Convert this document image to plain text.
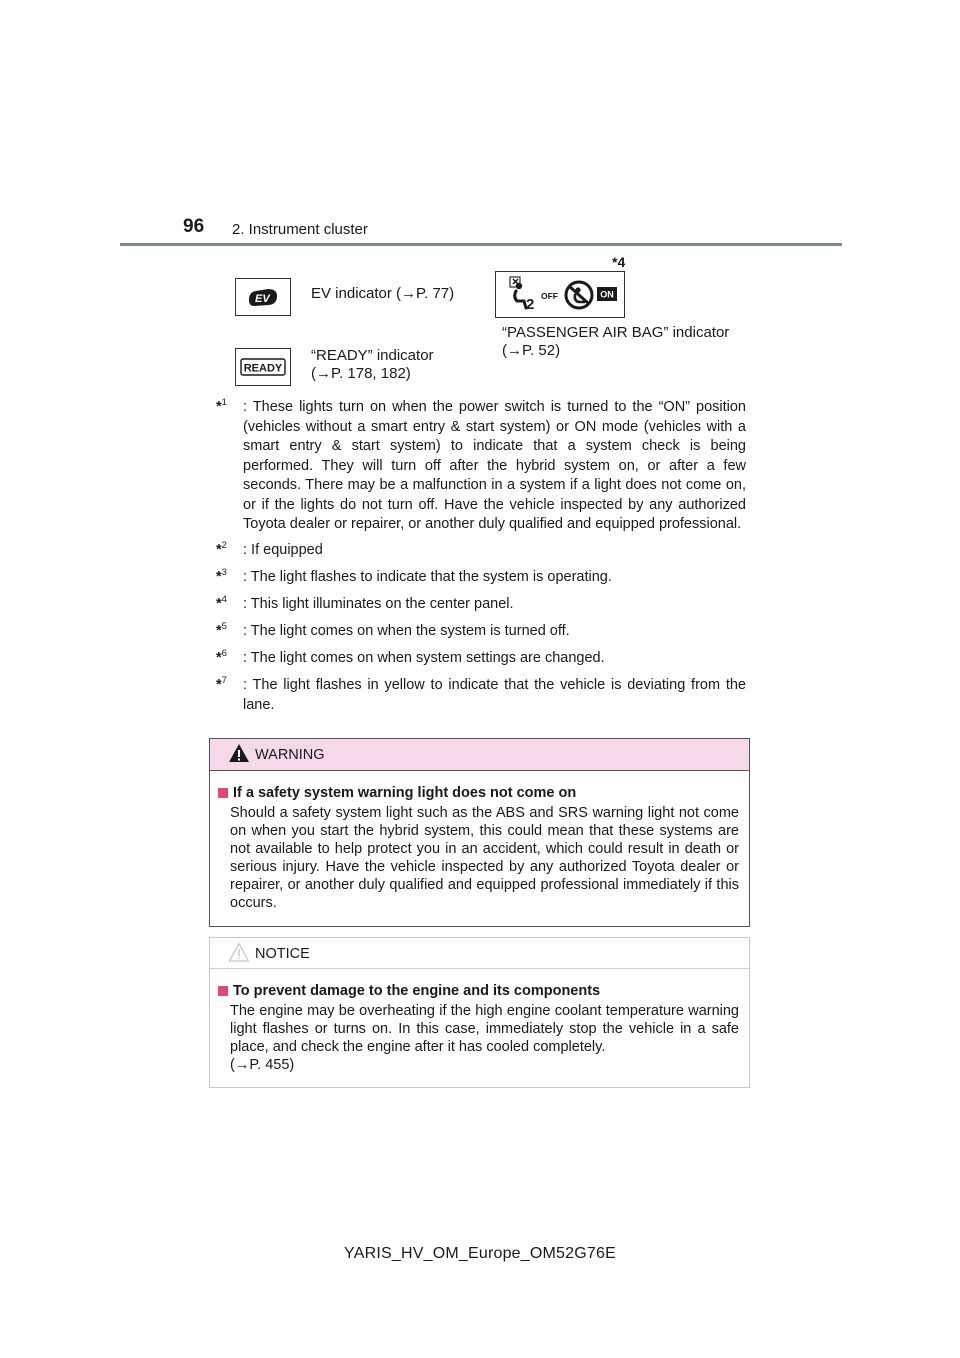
96 2. Instrument cluster
EV	EV indicator (→P. 77)
READY
“READY” indicator
(→P. 178, 182)
*4
2 OFF	ON
“PASSENGER AIR BAG” indicator
(→P. 52)
*$^1$	: These lights turn on when the power switch is turned to the “ON” position (vehicles without a smart entry & start system) or ON mode (vehicles with a smart entry & start system) to indicate that a system check is being performed. They will turn off after the hybrid system on, or after a few seconds. There may be a malfunction in a system if a light does not come on, or if the lights do not turn off. Have the vehicle inspected by any authorized Toyota dealer or repairer, or another duly qualified and equipped professional.
*$^2$	: If equipped
*$^3$	: The light flashes to indicate that the system is operating.
*$^4$	: This light illuminates on the center panel.
*$^5$	: The light comes on when the system is turned off.
*$^6$	: The light comes on when system settings are changed.
*$^7$	: The light flashes in yellow to indicate that the vehicle is deviating from the lane.
WARNING
If a safety system warning light does not come on
Should a safety system light such as the ABS and SRS warning light not come on when you start the hybrid system, this could mean that these systems are not available to help protect you in an accident, which could result in death or serious injury. Have the vehicle inspected by any authorized Toyota dealer or repairer, or another duly qualified and equipped professional immediately if this occurs.
NOTICE
To prevent damage to the engine and its components
The engine may be overheating if the high engine coolant temperature warning light flashes or turns on. In this case, immediately stop the vehicle in a safe place, and check the engine after it has cooled completely.
(→P. 455)
YARIS_HV_OM_Europe_OM52G76E
